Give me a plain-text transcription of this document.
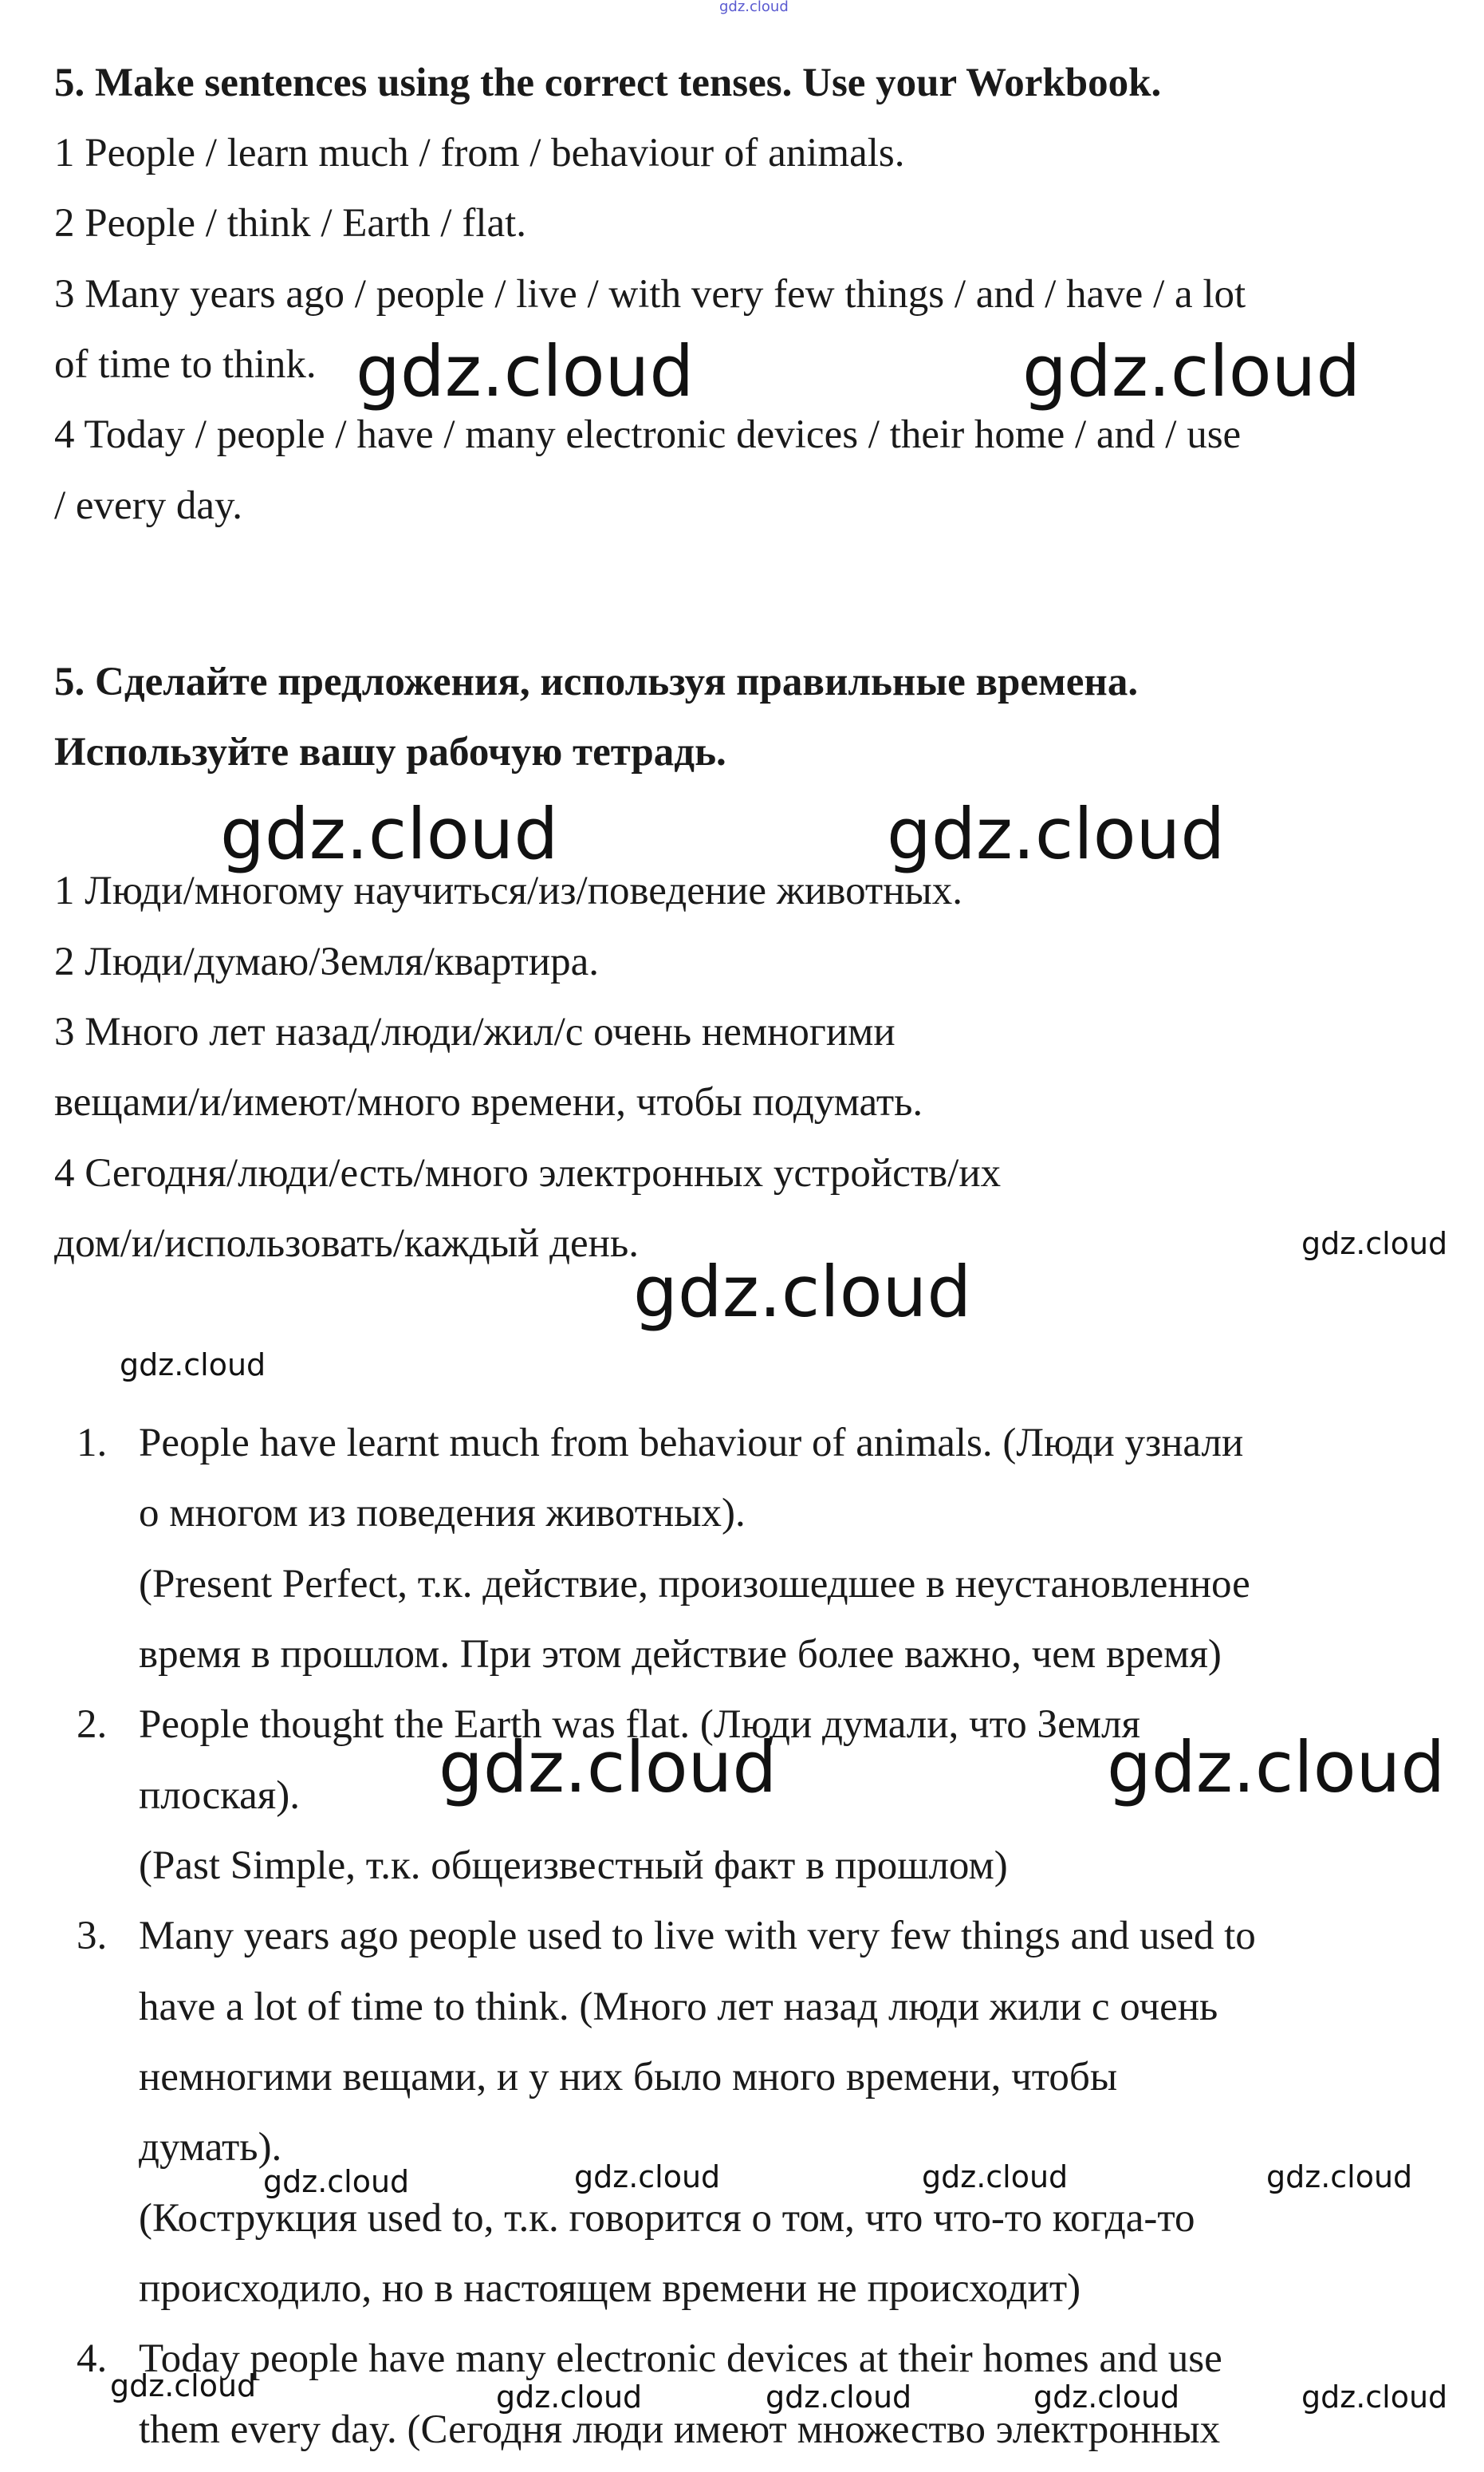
gdz.cloud
5. Make sentences using the correct tenses. Use your Workbook.
1 People / learn much / from / behaviour of animals.
2 People / think / Earth / flat.
3 Many years ago / people / live / with very few things / and / have / a lot
of time to think.
4 Today / people / have / many electronic devices / their home / and / use
/ every day.
5. Сделайте предложения, используя правильные времена.
Используйте вашу рабочую тетрадь.
1 Люди/многому научиться/из/поведение животных.
2 Люди/думаю/Земля/квартира.
3 Много лет назад/люди/жил/с очень немногими
вещами/и/имеют/много времени, чтобы подумать.
4 Сегодня/люди/есть/много электронных устройств/их
дом/и/использовать/каждый день.
1. People have learnt much from behaviour of animals. (Люди узнали
о многом из поведения животных).
(Present Perfect, т.к. действие, произошедшее в неустановленное
время в прошлом. При этом действие более важно, чем время)
2. People thought the Earth was flat. (Люди думали, что Земля
плоская).
(Past Simple, т.к. общеизвестный факт в прошлом)
3. Many years ago people used to live with very few things and used to
have a lot of time to think. (Много лет назад люди жили с очень
немногими вещами, и у них было много времени, чтобы
думать).
(Кострукция used to, т.к. говорится о том, что что-то когда-то
происходило, но в настоящем времени не происходит)
4. Today people have many electronic devices at their homes and use
them every day. (Сегодня люди имеют множество электронных
gdz.cloud	gdz.cloud
gdz.cloud	gdz.cloud
gdz.cloud
gdz.cloud
gdz.cloud
gdz.cloud	gdz.cloud
gdz.cloud	gdz.cloud	gdz.cloud	gdz.cloud
gdz.cloud	gdz.cloud	gdz.cloud	gdz.cloud	gdz.cloud
